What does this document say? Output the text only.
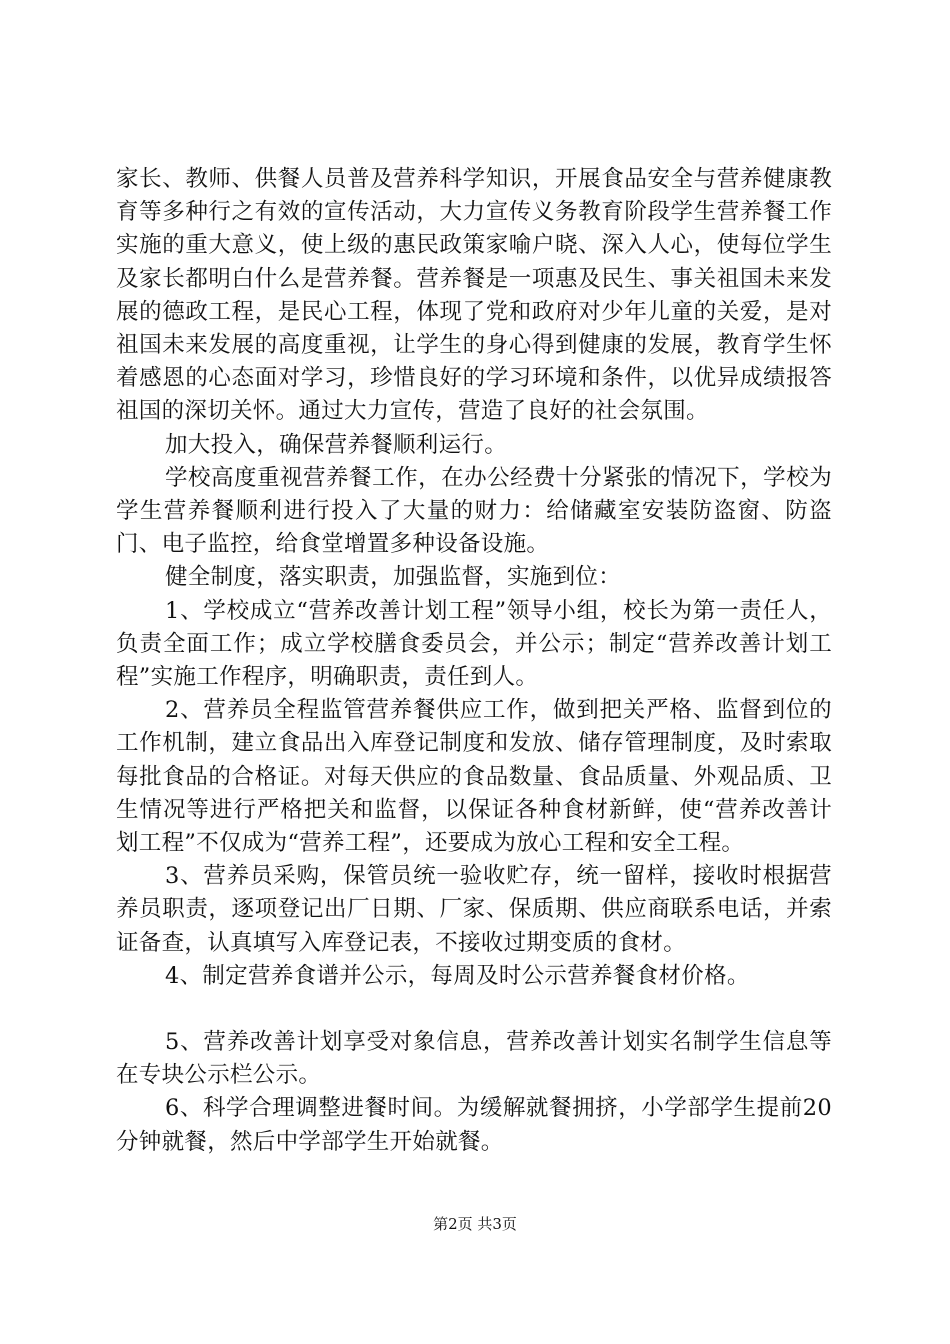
家长、教师、供餐人员普及营养科学知识，开展食品安全与营养健康教育等多种行之有效的宣传活动，大力宣传义务教育阶段学生营养餐工作实施的重大意义，使上级的惠民政策家喻户晓、深入人心，使每位学生及家长都明白什么是营养餐。营养餐是一项惠及民生、事关祖国未来发展的德政工程，是民心工程，体现了党和政府对少年儿童的关爱，是对祖国未来发展的高度重视，让学生的身心得到健康的发展，教育学生怀着感恩的心态面对学习，珍惜良好的学习环境和条件，以优异成绩报答祖国的深切关怀。通过大力宣传，营造了良好的社会氛围。

加大投入，确保营养餐顺利运行。

学校高度重视营养餐工作，在办公经费十分紧张的情况下，学校为学生营养餐顺利进行投入了大量的财力：给储藏室安装防盗窗、防盗门、电子监控，给食堂增置多种设备设施。

健全制度，落实职责，加强监督，实施到位：

1、学校成立“营养改善计划工程”领导小组，校长为第一责任人，负责全面工作；成立学校膳食委员会，并公示；制定“营养改善计划工程”实施工作程序，明确职责，责任到人。

2、营养员全程监管营养餐供应工作，做到把关严格、监督到位的工作机制，建立食品出入库登记制度和发放、储存管理制度，及时索取每批食品的合格证。对每天供应的食品数量、食品质量、外观品质、卫生情况等进行严格把关和监督，以保证各种食材新鲜，使“营养改善计划工程”不仅成为“营养工程”，还要成为放心工程和安全工程。

3、营养员采购，保管员统一验收贮存，统一留样，接收时根据营养员职责，逐项登记出厂日期、厂家、保质期、供应商联系电话，并索证备查，认真填写入库登记表，不接收过期变质的食材。

4、制定营养食谱并公示，每周及时公示营养餐食材价格。

5、营养改善计划享受对象信息，营养改善计划实名制学生信息等在专块公示栏公示。

6、科学合理调整进餐时间。为缓解就餐拥挤，小学部学生提前20分钟就餐，然后中学部学生开始就餐。

第2页 共3页
